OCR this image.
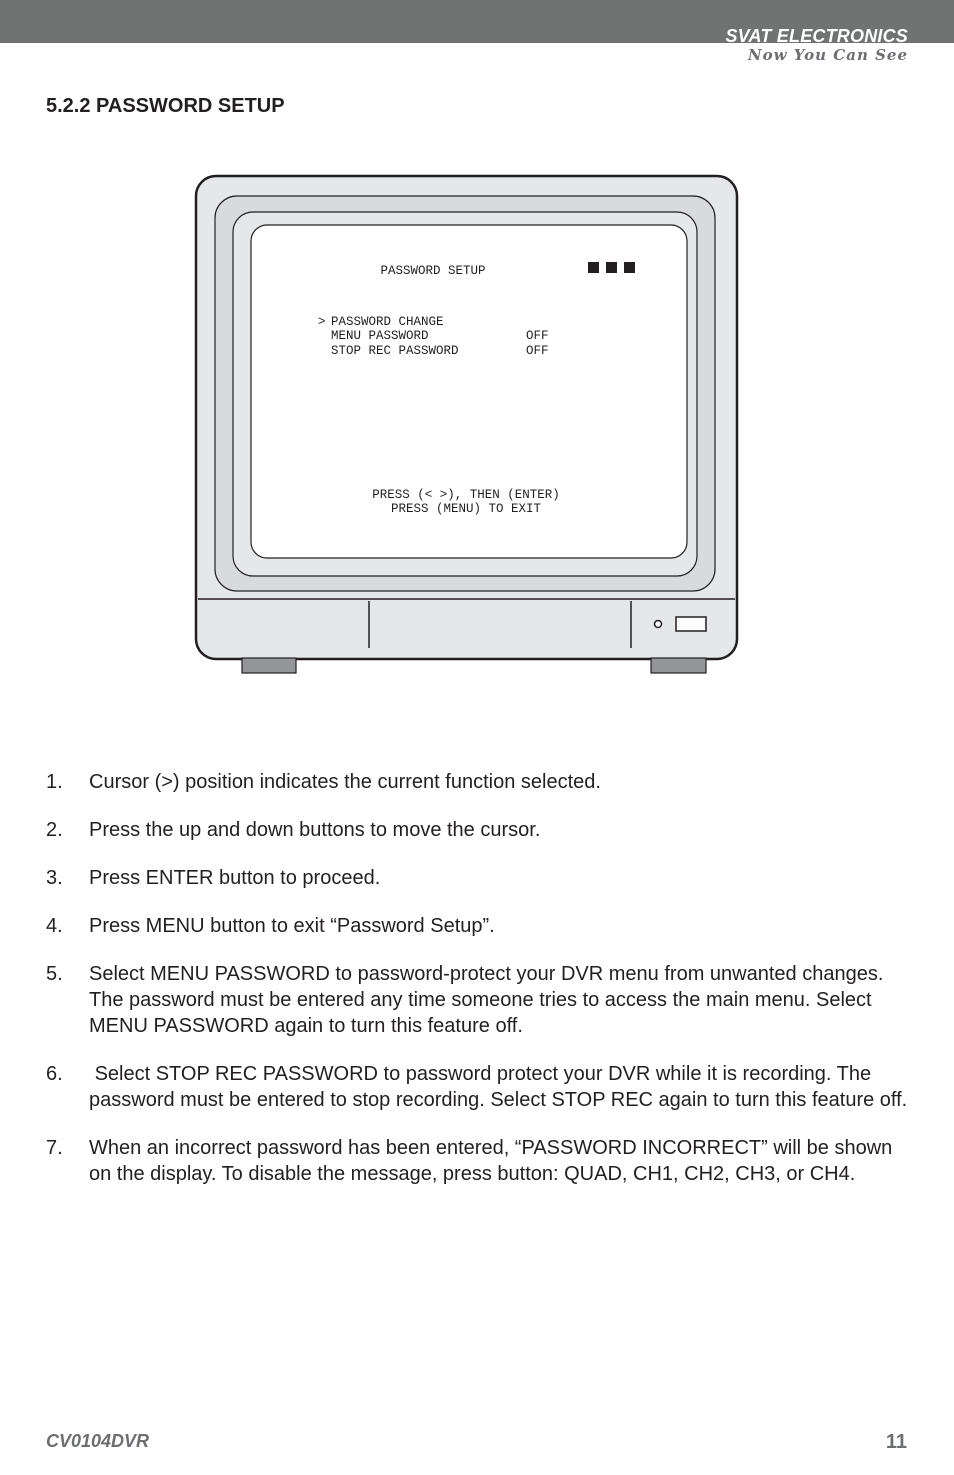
SVAT ELECTRONICS
Now You Can See
5.2.2 PASSWORD SETUP
PASSWORD SETUP
> PASSWORD CHANGE
MENU PASSWORD	OFF
STOP REC PASSWORD	OFF
PRESS (< >), THEN (ENTER)
PRESS (MENU) TO EXIT
1.	Cursor (>) position indicates the current function selected.
2.	Press the up and down buttons to move the cursor.
3.	Press ENTER button to proceed.
4.	Press MENU button to exit “Password Setup”.
5.	Select MENU PASSWORD to password-protect your DVR menu from unwanted changes. The password must be entered any time someone tries to access the main menu. Select MENU PASSWORD again to turn this feature off.
6.	Select STOP REC PASSWORD to password protect your DVR while it is recording. The password must be entered to stop recording. Select STOP REC again to turn this feature off.
7.	When an incorrect password has been entered, “PASSWORD INCORRECT” will be shown on the display. To disable the message, press button: QUAD, CH1, CH2, CH3, or CH4.
CV0104DVR	11
